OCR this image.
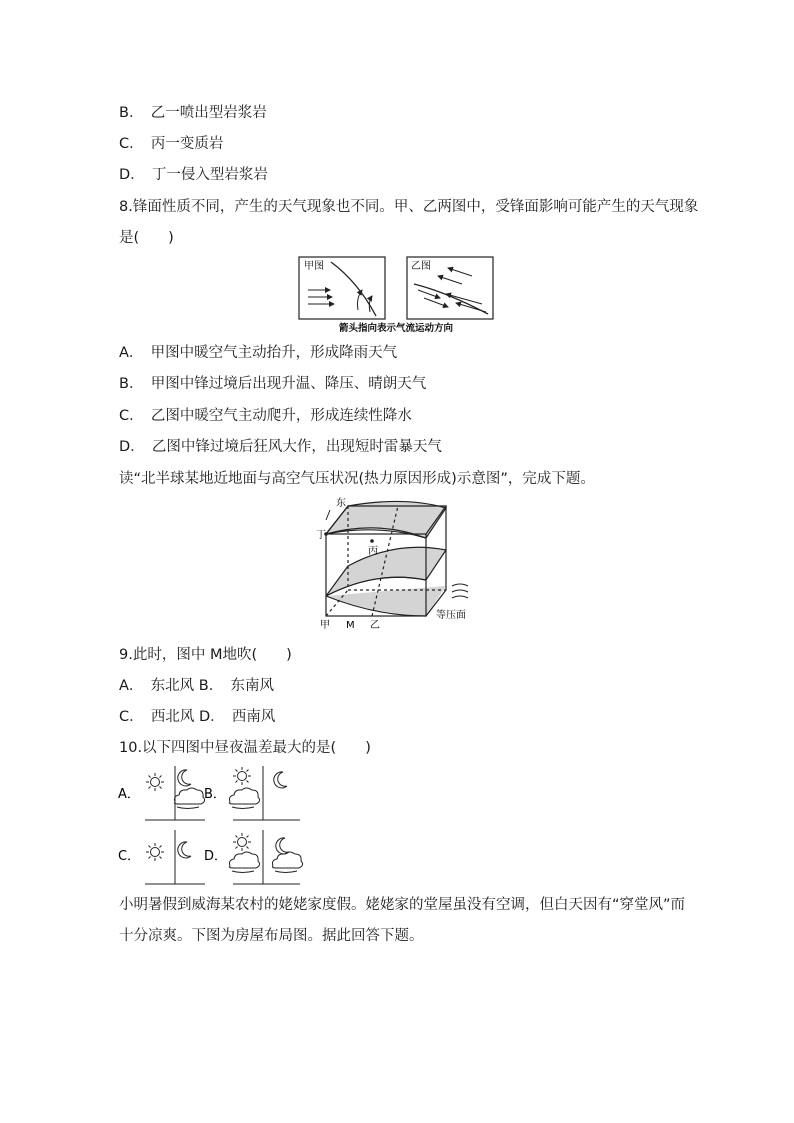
B．　乙一喷出型岩浆岩
C．　丙一变质岩
D．　丁一侵入型岩浆岩
8.锋面性质不同，产生的天气现象也不同。甲、乙两图中，受锋面影响可能产生的天气现象
是(　　)
甲图	乙图
箭头指向表示气流运动方向
A．　甲图中暖空气主动抬升，形成降雨天气
B．　甲图中锋过境后出现升温、降压、晴朗天气
C．　乙图中暖空气主动爬升，形成连续性降水
D．　乙图中锋过境后狂风大作，出现短时雷暴天气
读“北半球某地近地面与高空气压状况(热力原因形成)示意图”，完成下题。
东
丁
丙
甲 M 乙
等压面
9.此时，图中 M地吹(　　)
A．　东北风 B．　东南风
C．　西北风 D．　西南风
10.以下四图中昼夜温差最大的是(　　)
A．	B．
C．	D．
小明暑假到威海某农村的姥姥家度假。姥姥家的堂屋虽没有空调，但白天因有“穿堂风”而
十分凉爽。下图为房屋布局图。据此回答下题。
